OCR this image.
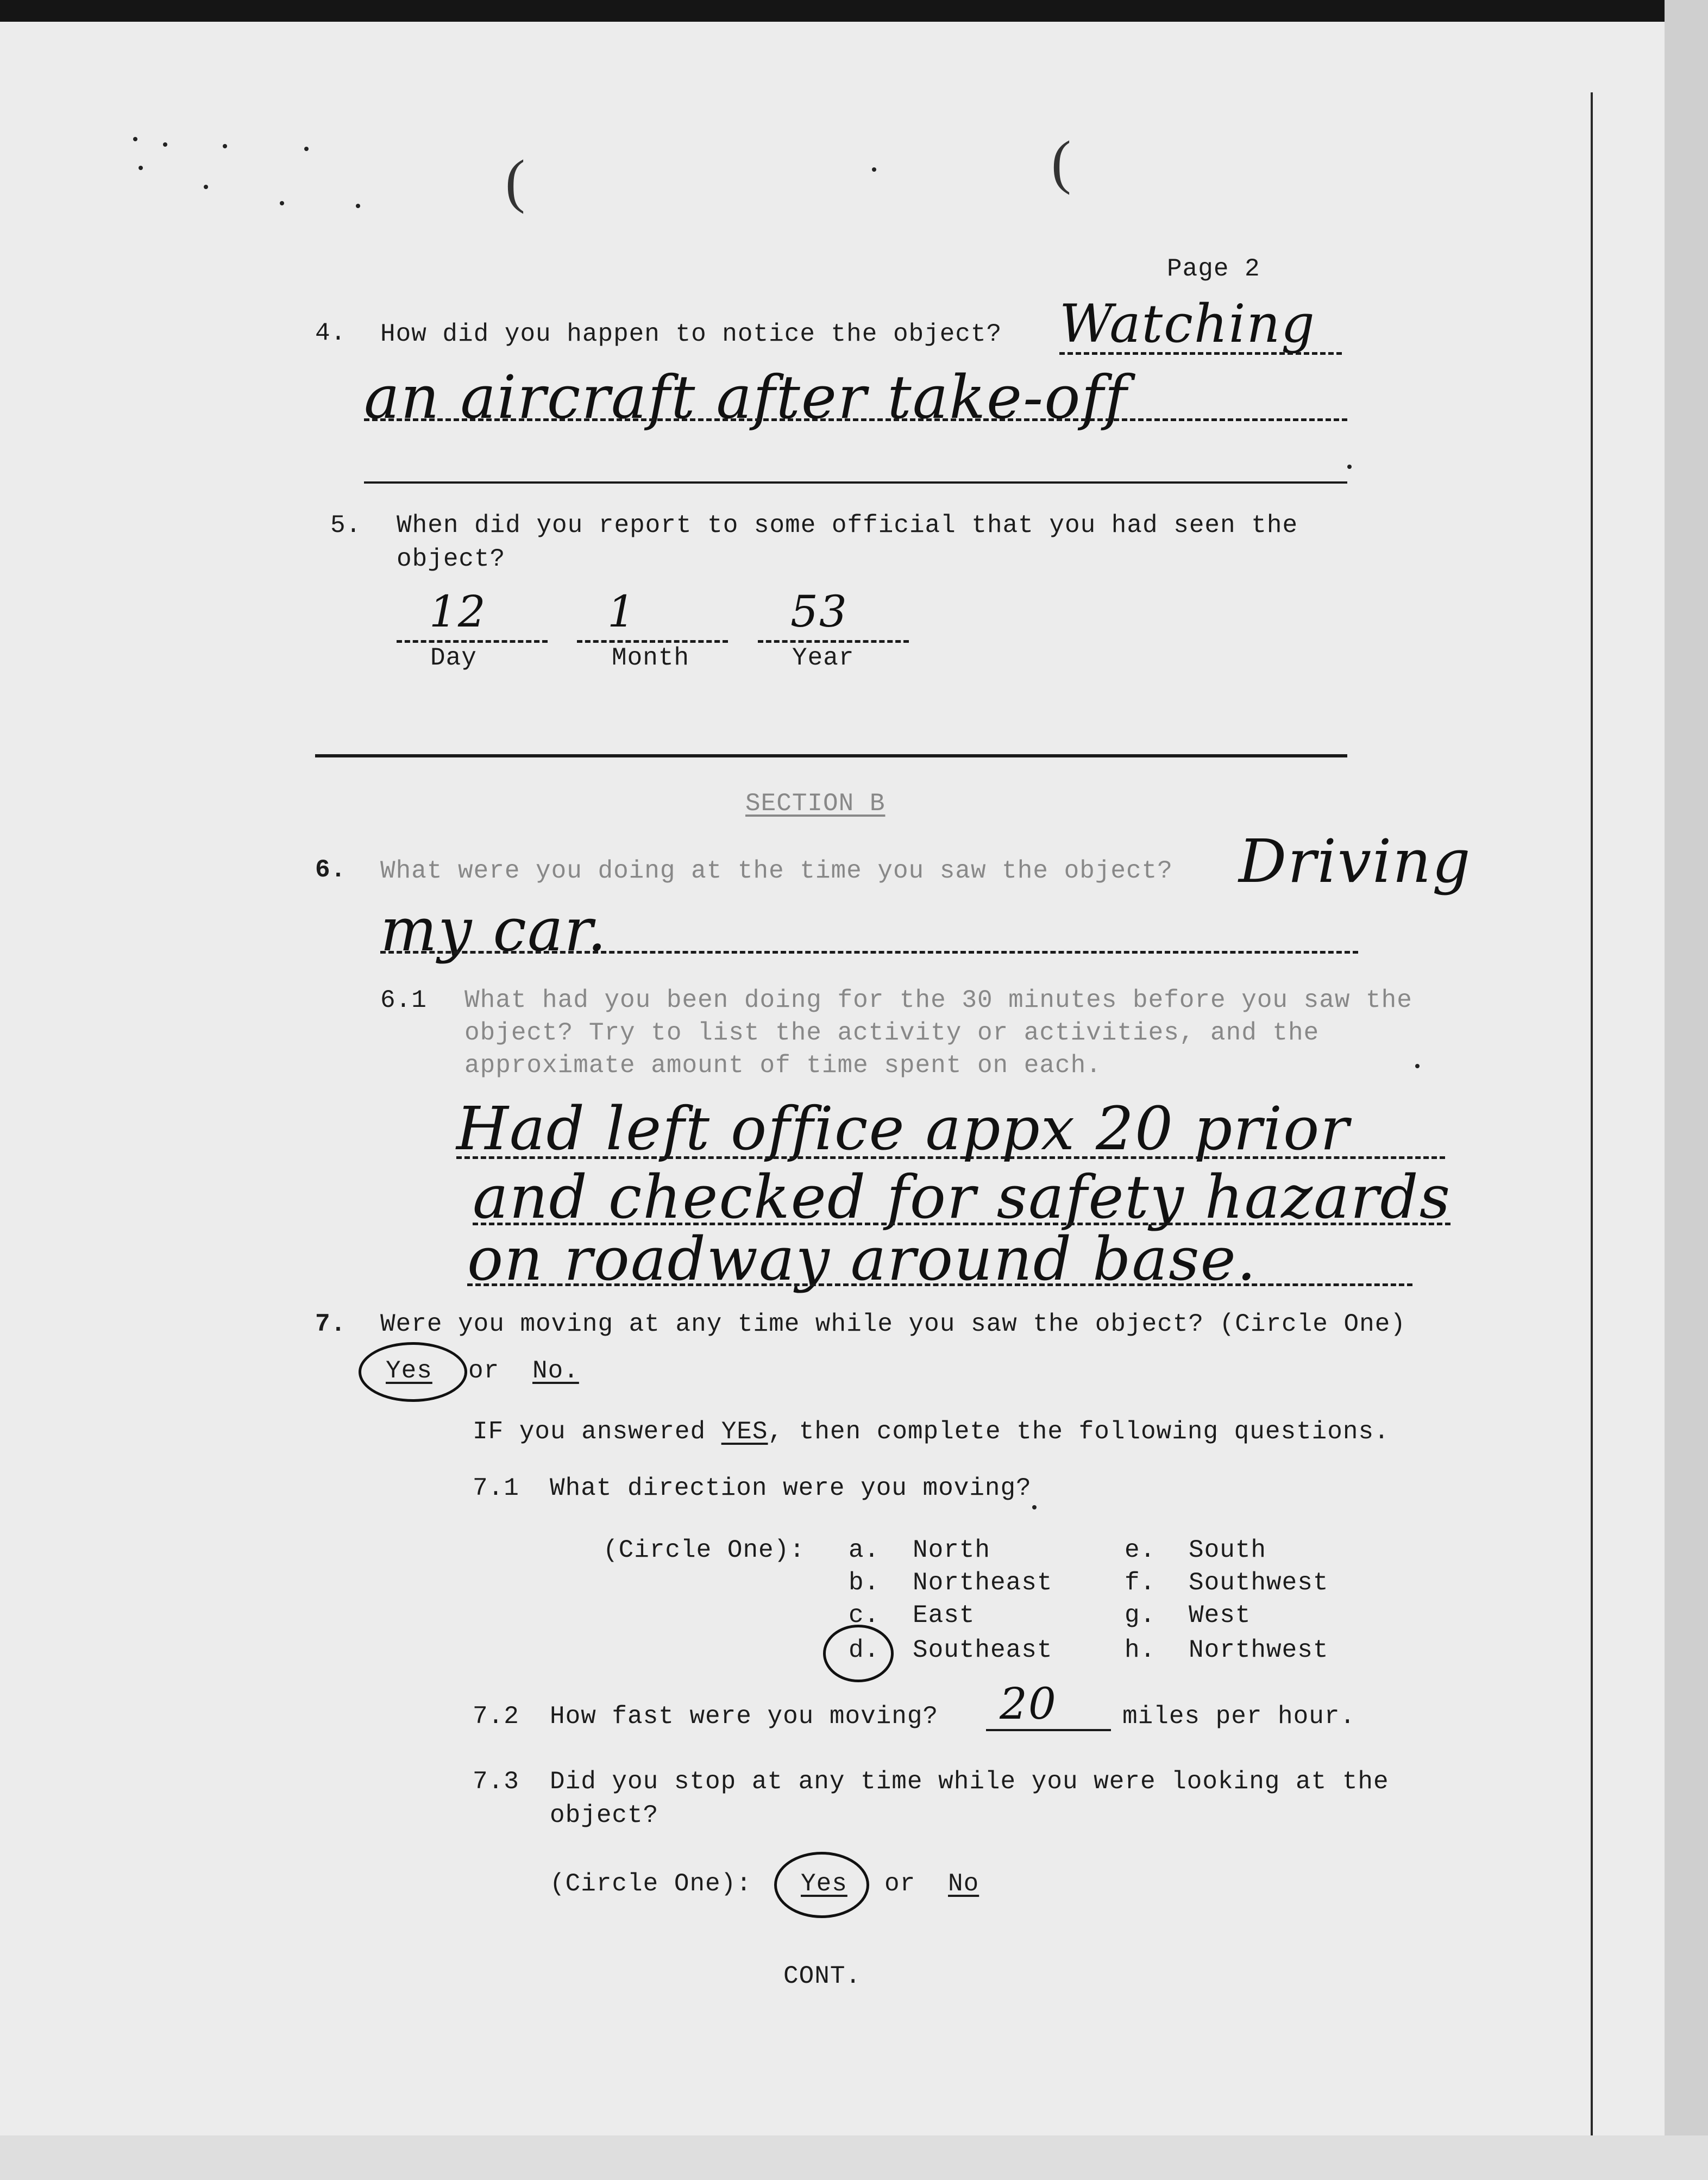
(	(
Page 2
4. How did you happen to notice the object? Watching
an aircraft after take-off
5. When did you report to some official that you had seen the
object?
12	1	53
Day	Month	Year
SECTION B
6. What were you doing at the time you saw the object? Driving
my car.
6.1 What had you been doing for the 30 minutes before you saw the
object? Try to list the activity or activities, and the
approximate amount of time spent on each.
Had left office appx 20 prior
and checked for safety hazards
on roadway around base.
7. Were you moving at any time while you saw the object? (Circle One)
Yes or No.
IF you answered YES, then complete the following questions.
7.1 What direction were you moving?
(Circle One): a. North
b. Northeast
c. East
d. Southeast
e. South
f. Southwest
g. West
h. Northwest
7.2 How fast were you moving? 20	miles per hour.
7.3 Did you stop at any time while you were looking at the
object?
(Circle One): Yes or No
CONT.
